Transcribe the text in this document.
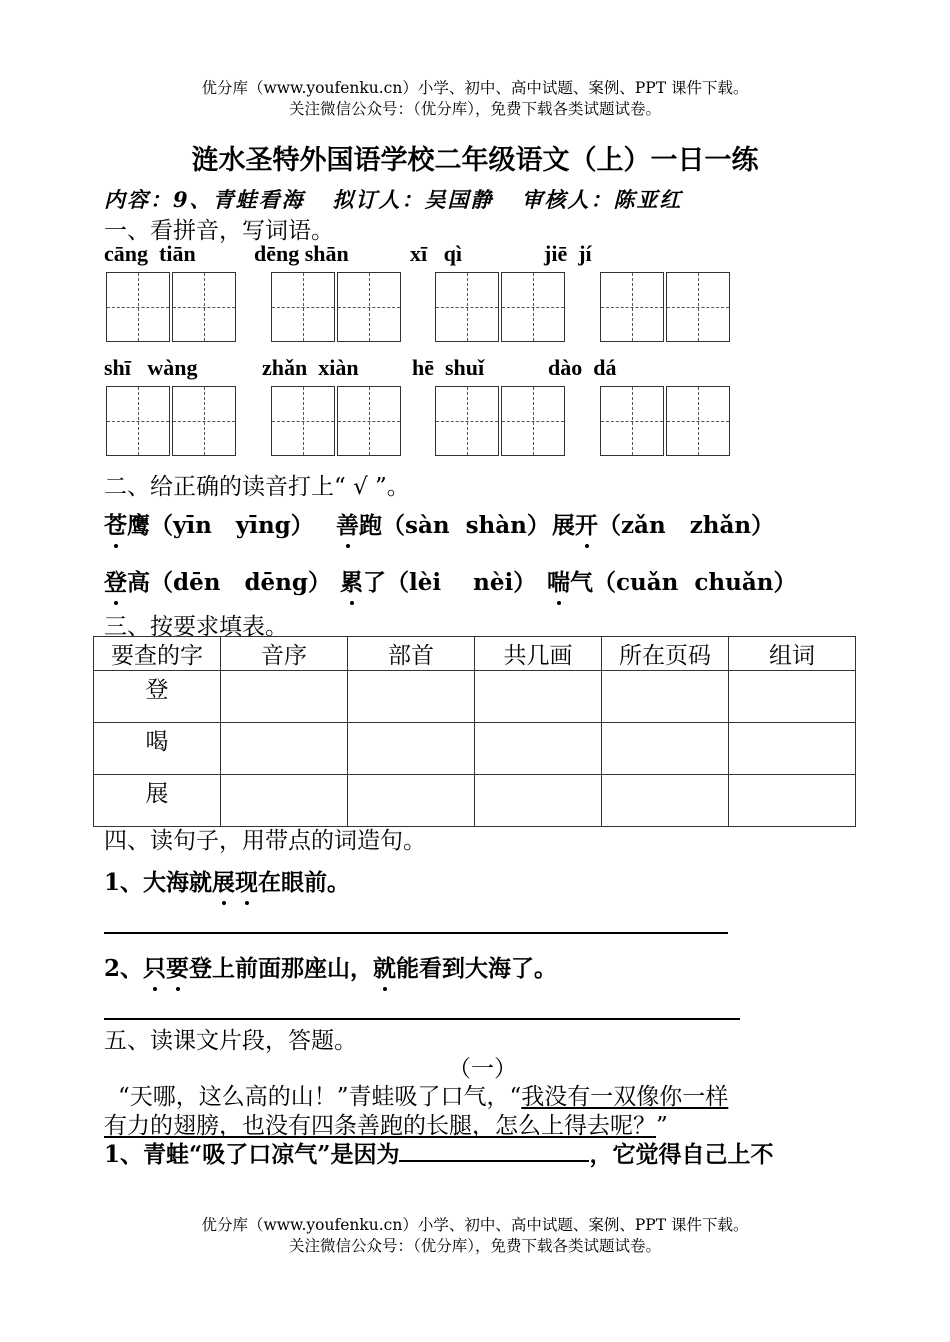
优分库（www.youfenku.cn）小学、初中、高中试题、案例、PPT 课件下载。
关注微信公众号：（优分库），免费下载各类试题试卷。
涟水圣特外国语学校二年级语文（上）一日一练
内容：9、青蛙看海   拟订人：吴国静   审核人：陈亚红
一、看拼音，写词语。
cāng  tiān	dēng shān	xī   qì	jiē  jí
shī   wàng	zhǎn  xiàn hē  shuǐ	dào  dá
二、给正确的读音打上“ √ ”。
苍鹰（yīn   yīng） 善跑（sàn  shàn） 展开（zǎn   zhǎn）
登高（dēn   dēng） 累了（lèi    nèi） 喘气（cuǎn  chuǎn）
三、按要求填表。
要查的字	音序	部首	共几画	所在页码	组词
登					
喝					
展					
四、读句子，用带点的词造句。
1、大海就展现在眼前。
2、只要登上前面那座山，就能看到大海了。
五、读课文片段，答题。
（一）
“天哪，这么高的山！”青蛙吸了口气，“我没有一双像你一样
有力的翅膀，也没有四条善跑的长腿，怎么上得去呢？”
1、青蛙“吸了口凉气”是因为	，它觉得自己上不
优分库（www.youfenku.cn）小学、初中、高中试题、案例、PPT 课件下载。
关注微信公众号：（优分库），免费下载各类试题试卷。
